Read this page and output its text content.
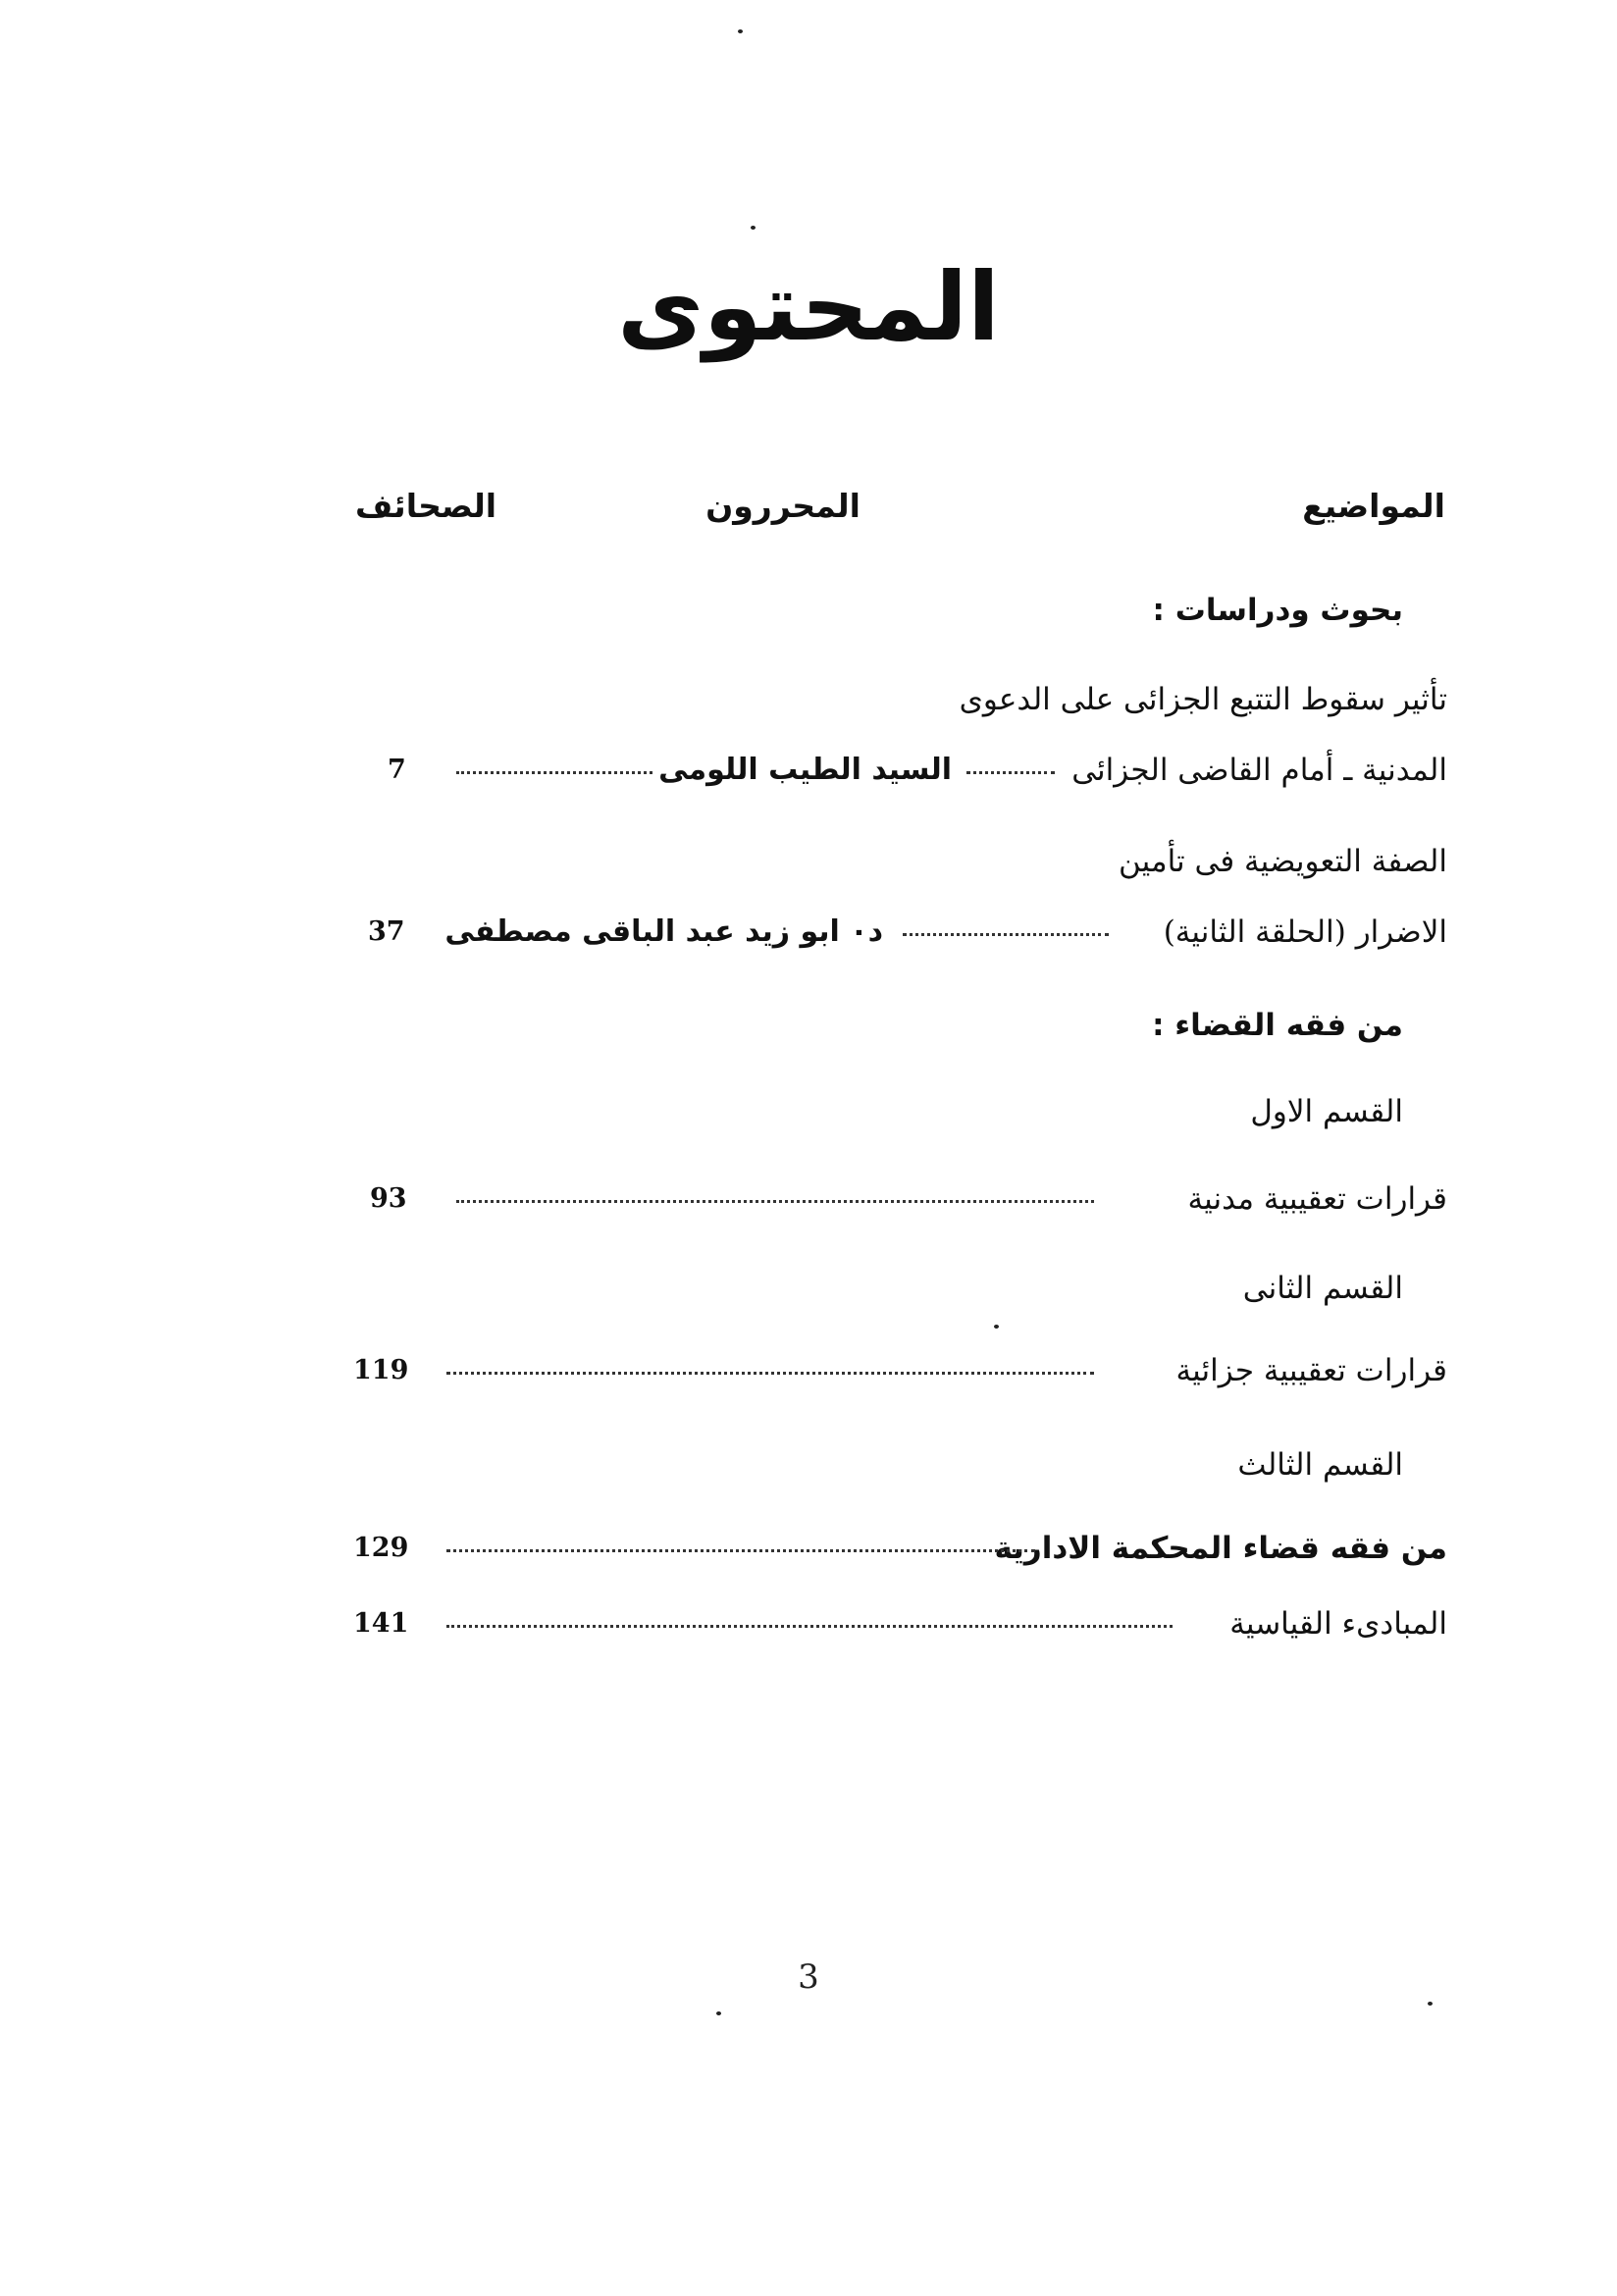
المحتوى
المواضيع
المحررون
الصحائف
بحوث ودراسات :
تأثير سقوط التتبع الجزائى على الدعوى
المدنية ـ أمام القاضى الجزائى
السيد الطيب اللومى
7
الصفة التعويضية فى تأمين
الاضرار (الحلقة الثانية)
د٠ ابو زيد عبد الباقى مصطفى
37
من فقه القضاء :
القسم الاول
قرارات تعقيبية مدنية
93
القسم الثانى
قرارات تعقيبية جزائية
119
القسم الثالث
من فقه قضاء المحكمة الادارية
129
المبادىء القياسية
141
3
